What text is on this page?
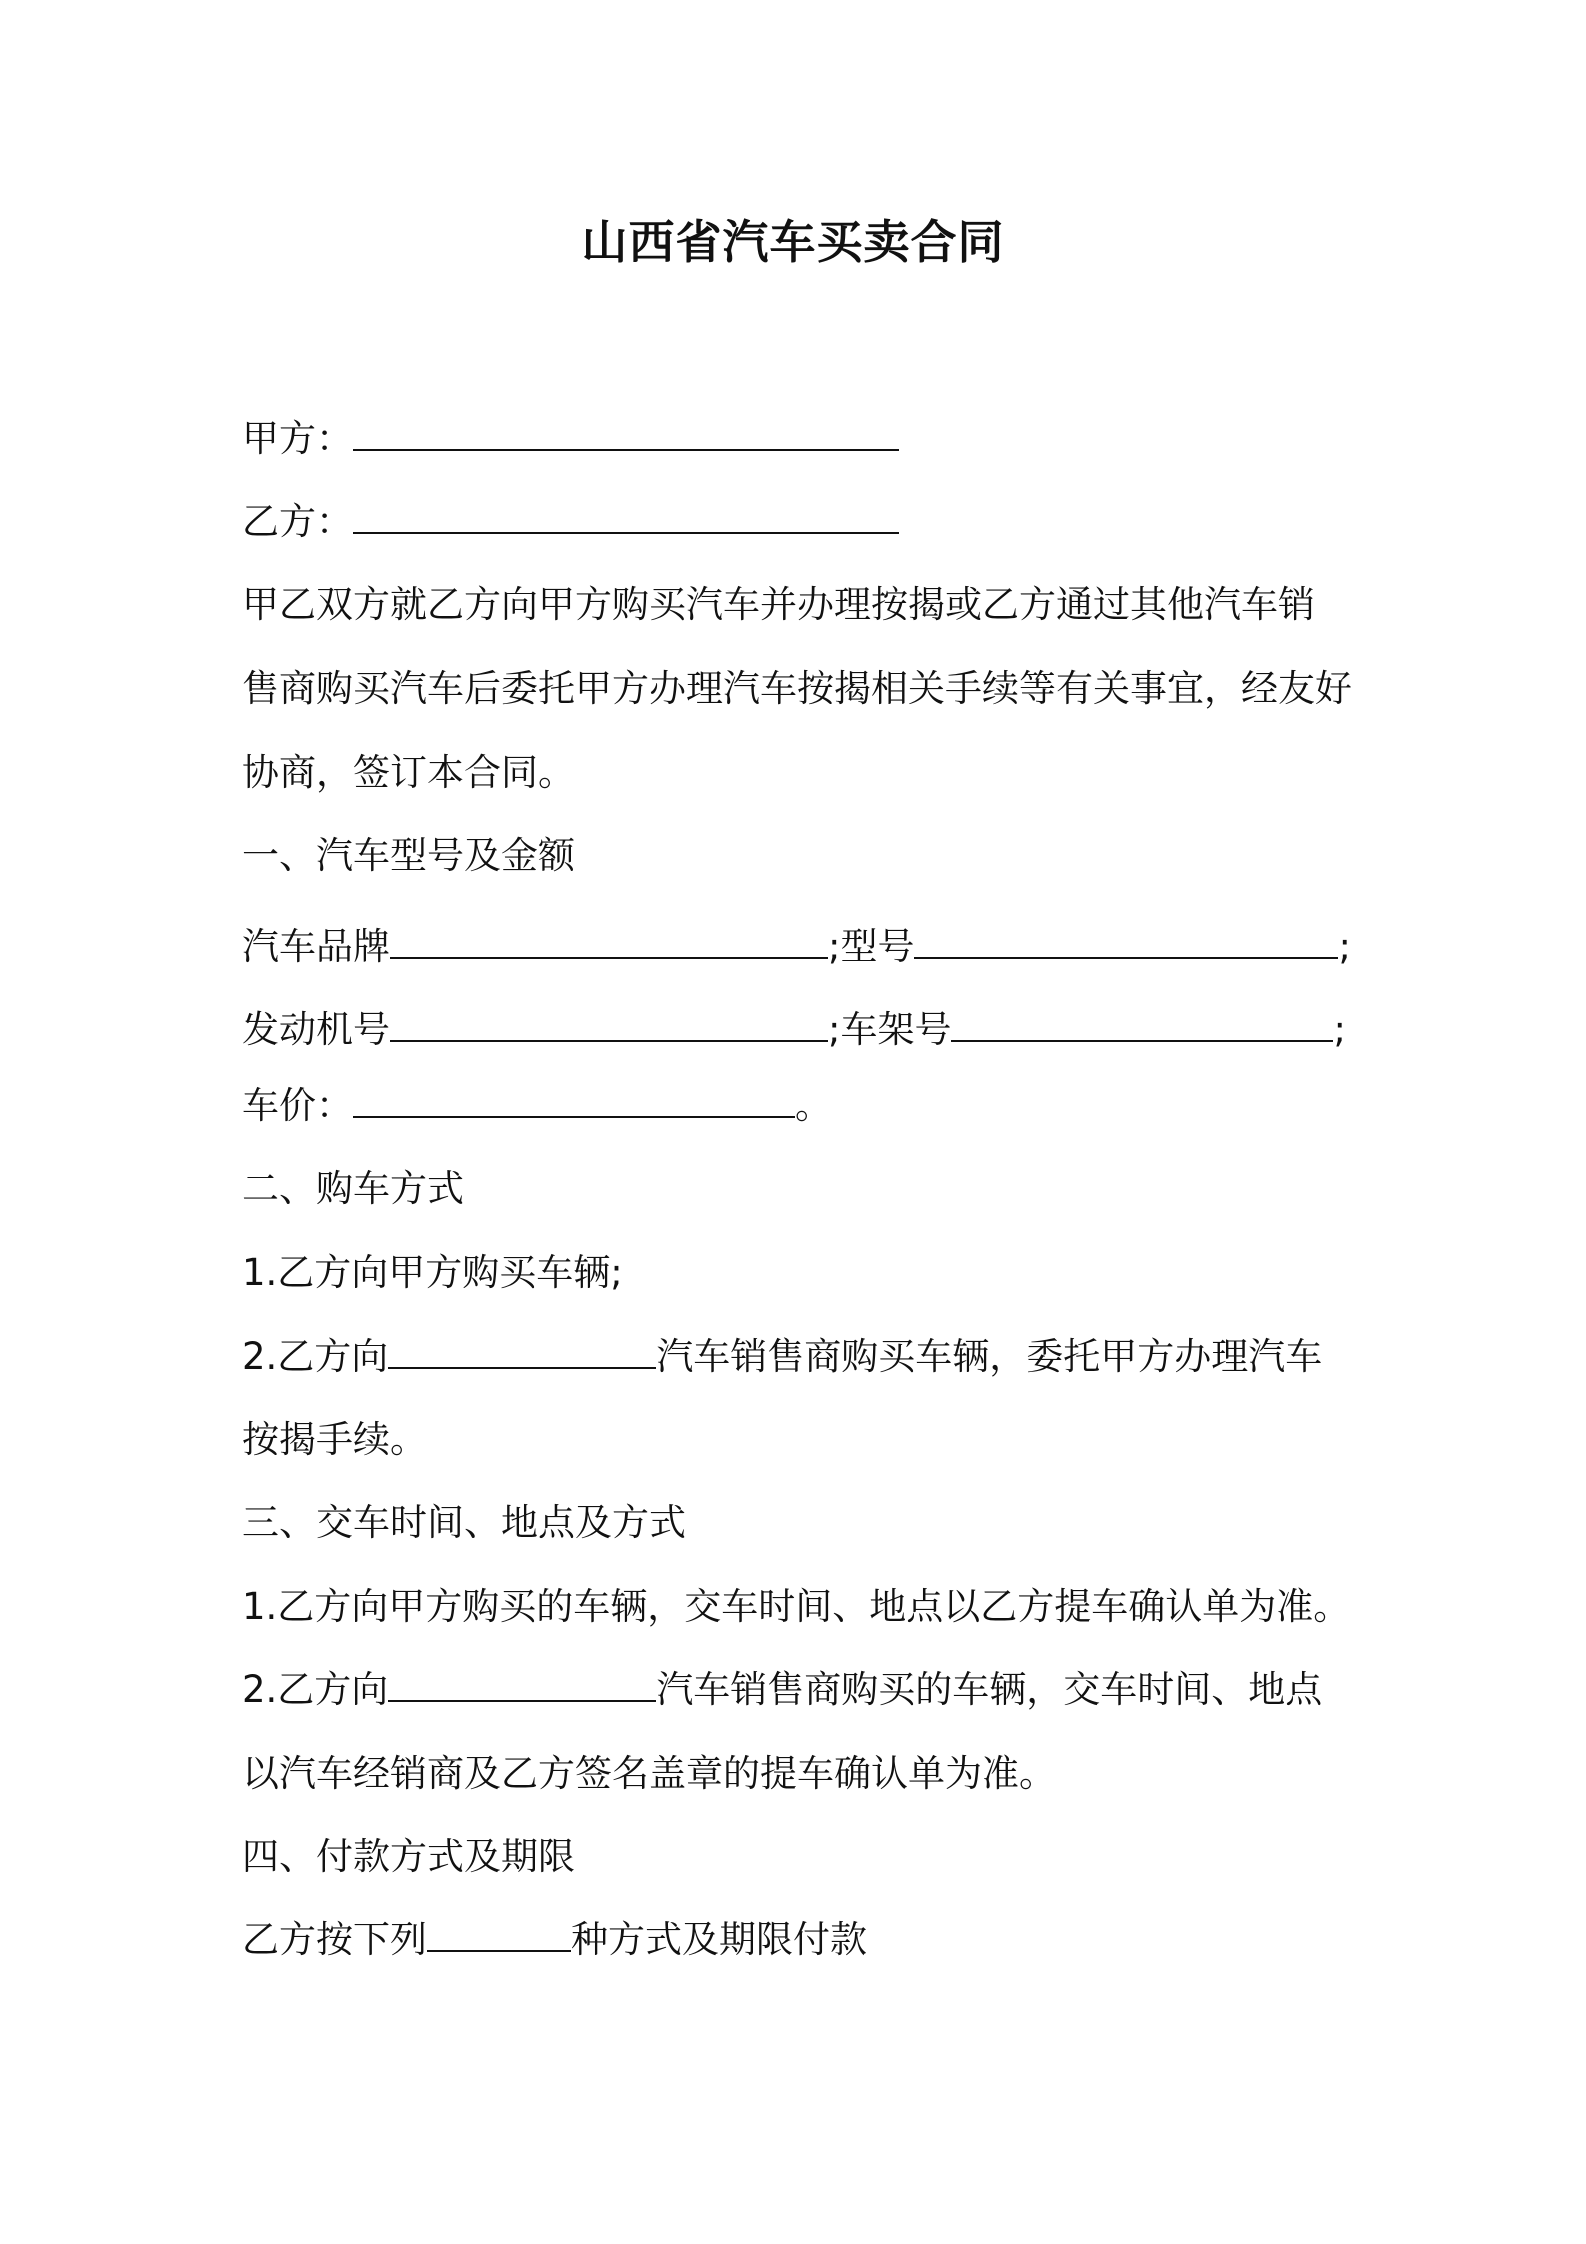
山西省汽车买卖合同
甲方：
乙方：
甲乙双方就乙方向甲方购买汽车并办理按揭或乙方通过其他汽车销
售商购买汽车后委托甲方办理汽车按揭相关手续等有关事宜，经友好
协商，签订本合同。
一、汽车型号及金额
汽车品牌	;型号	;
发动机号	;车架号	;
车价：	。
二、购车方式
1.乙方向甲方购买车辆;
2.乙方向	汽车销售商购买车辆，委托甲方办理汽车
按揭手续。
三、交车时间、地点及方式
1.乙方向甲方购买的车辆，交车时间、地点以乙方提车确认单为准。
2.乙方向	汽车销售商购买的车辆，交车时间、地点
以汽车经销商及乙方签名盖章的提车确认单为准。
四、付款方式及期限
乙方按下列	种方式及期限付款
